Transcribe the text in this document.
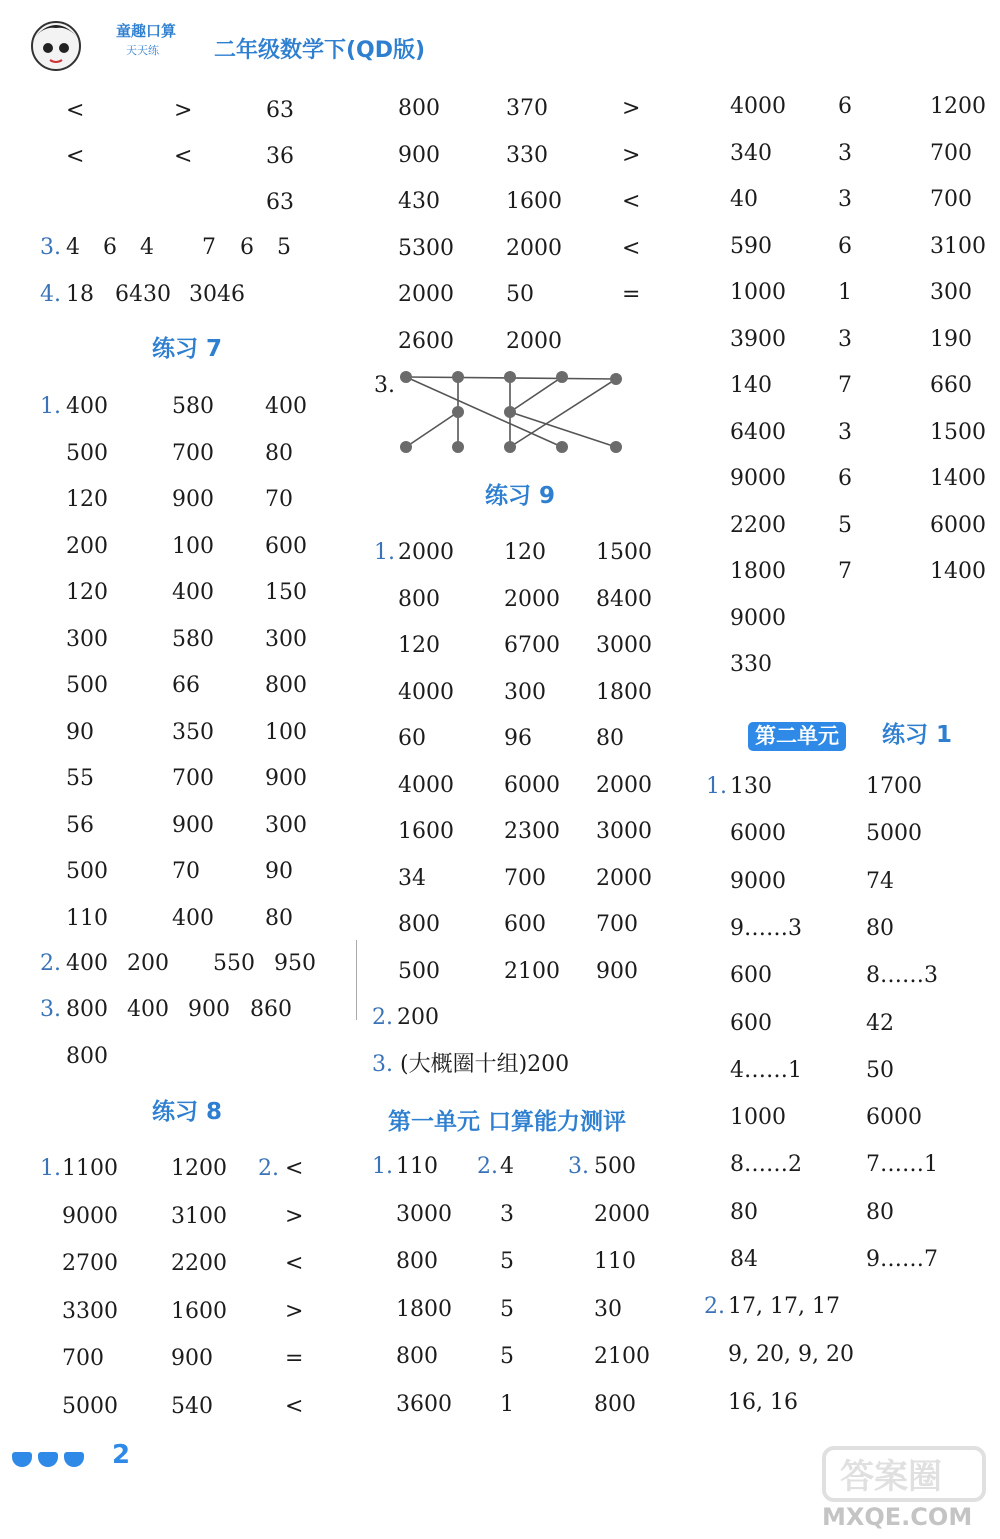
童趣口算
天天练	二年级数学下(QD版)
<	>	63
<	<	36
63
3. 4 6 4 7 6 5
4. 18 6430 3046
练习 7
1. 400	580 400
500	700 80
120	900 70
200	100 600
120	400 150
300	580 300
500	66	800
90	350 100
55	700 900
56	900 300
500	70	90
110	400 80
2. 400 200 550 950
3. 800 400 900 860
800
练习 8
1.	2.
1100 1200	<
9000 3100	>
2700 2200	<
3300 1600	>
700	900	=
5000 540	<
800	370	>
900	330	>
430	1600	<
5300 2000	<
2000 50	=
2600 2000
3.
练习 9
1. 2000 120 1500
800	2000 8400
120	6700 3000
4000 300 1800
60	96	80
4000 6000 2000
1600 2300 3000
34	700 2000
800	600 700
500	2100 900
2. 200
3. (大概圈十组)200
第一单元 口算能力测评
1.	2.	3.
110	4	500
3000 3	2000
800	5	110
1800 5	30
800	5	2100
3600 1	800
4000 6	1200
340	3	700
40	3	700
590	6	3100
1000 1	300
3900 3	190
140	7	660
6400 3	1500
9000 6	1400
2200 5	6000
1800 7	1400
9000
330
第二单元	练习 1
1. 130	1700
6000	5000
9000	74
9……3	80
600	8……3
600	42
4……1	50
1000	6000
8……2	7……1
80	80
84	9……7
2. 17, 17, 17
9, 20, 9, 20
16, 16
2
答案圈
MXQE.COM
